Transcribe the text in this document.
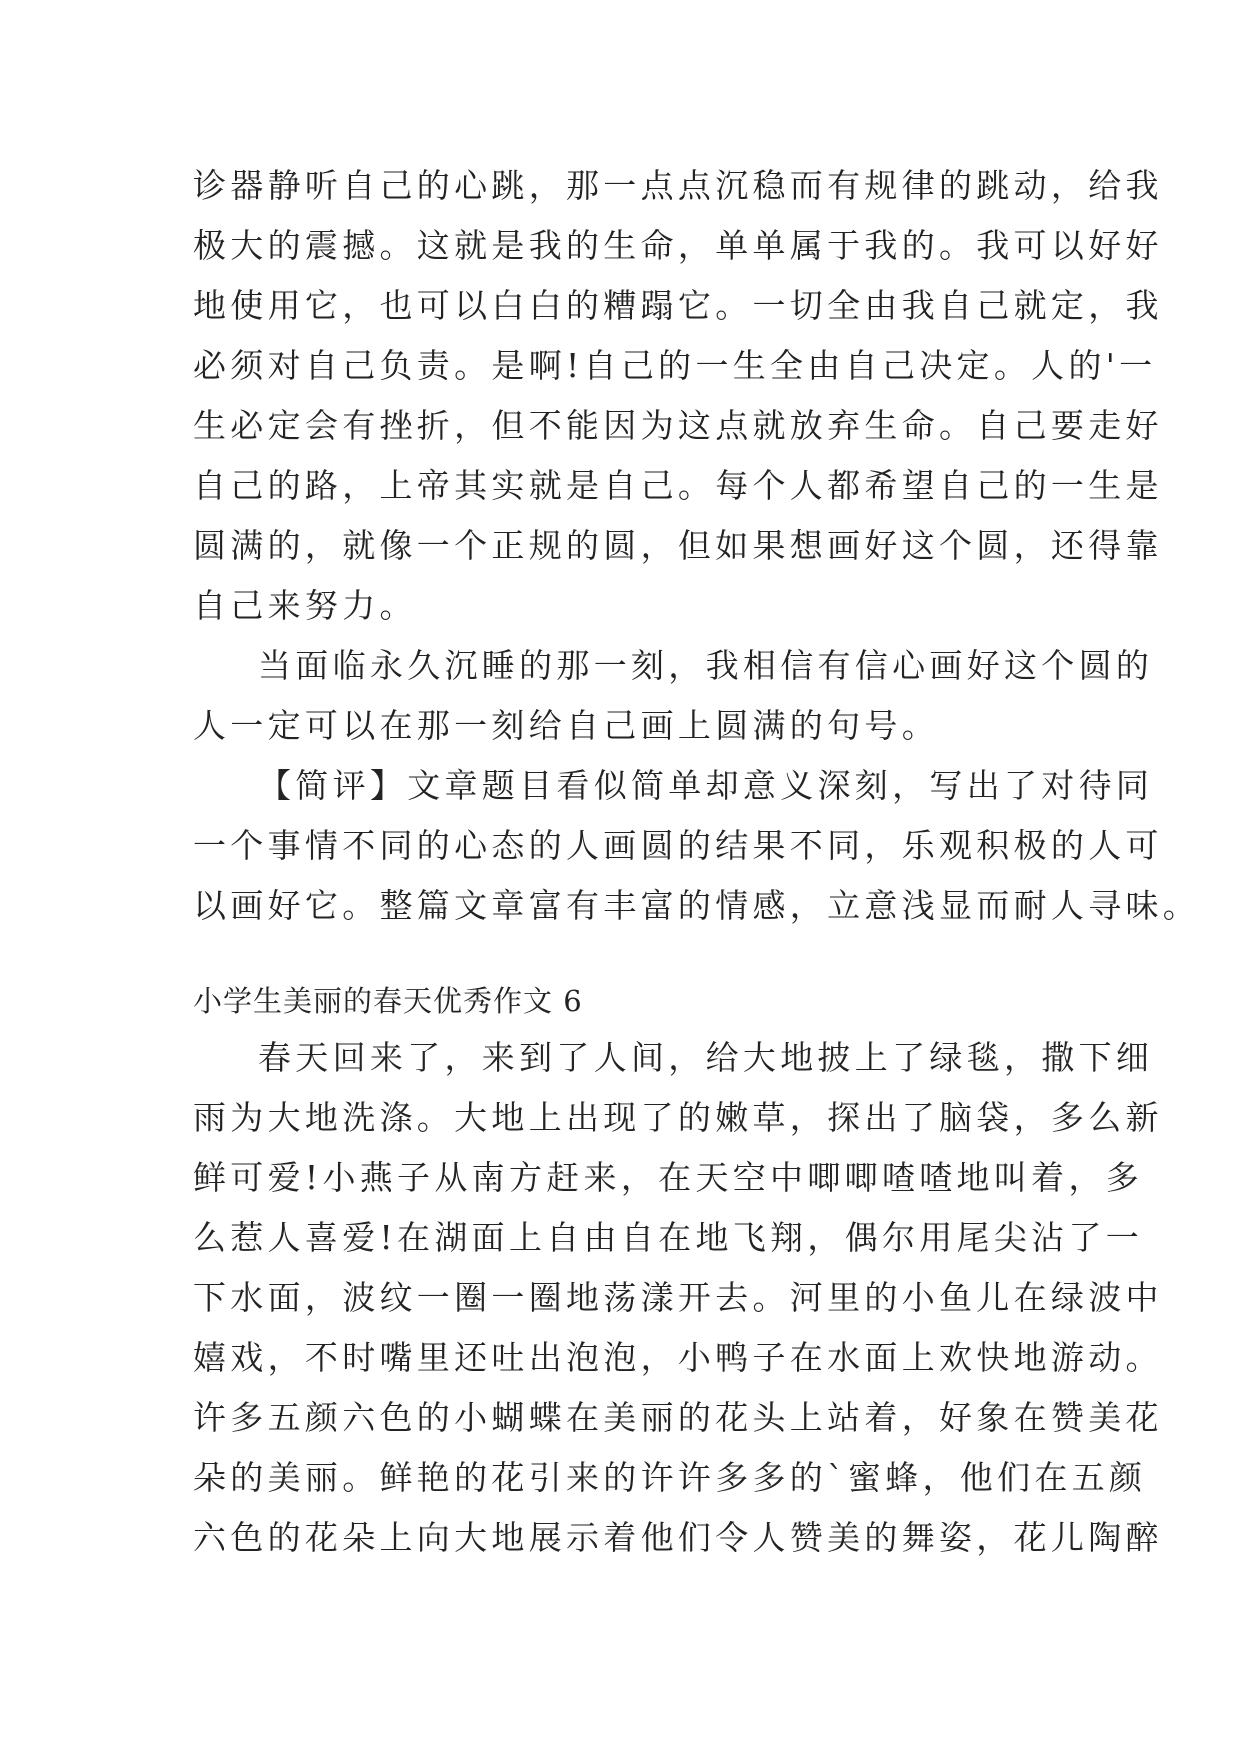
诊器静听自己的心跳，那一点点沉稳而有规律的跳动，给我
极大的震撼。这就是我的生命，单单属于我的。我可以好好
地使用它，也可以白白的糟蹋它。一切全由我自己就定，我
必须对自己负责。是啊!自己的一生全由自己决定。人的'一
生必定会有挫折，但不能因为这点就放弃生命。自己要走好
自己的路，上帝其实就是自己。每个人都希望自己的一生是
圆满的，就像一个正规的圆，但如果想画好这个圆，还得靠
自己来努力。
当面临永久沉睡的那一刻，我相信有信心画好这个圆的
人一定可以在那一刻给自己画上圆满的句号。
【简评】文章题目看似简单却意义深刻，写出了对待同
一个事情不同的心态的人画圆的结果不同，乐观积极的人可
以画好它。整篇文章富有丰富的情感，立意浅显而耐人寻味。
小学生美丽的春天优秀作文 6
春天回来了，来到了人间，给大地披上了绿毯，撒下细
雨为大地洗涤。大地上出现了的嫩草，探出了脑袋，多么新
鲜可爱!小燕子从南方赶来，在天空中唧唧喳喳地叫着，多
么惹人喜爱!在湖面上自由自在地飞翔，偶尔用尾尖沾了一
下水面，波纹一圈一圈地荡漾开去。河里的小鱼儿在绿波中
嬉戏，不时嘴里还吐出泡泡，小鸭子在水面上欢快地游动。
许多五颜六色的小蝴蝶在美丽的花头上站着，好象在赞美花
朵的美丽。鲜艳的花引来的许许多多的`蜜蜂，他们在五颜
六色的花朵上向大地展示着他们令人赞美的舞姿，花儿陶醉
